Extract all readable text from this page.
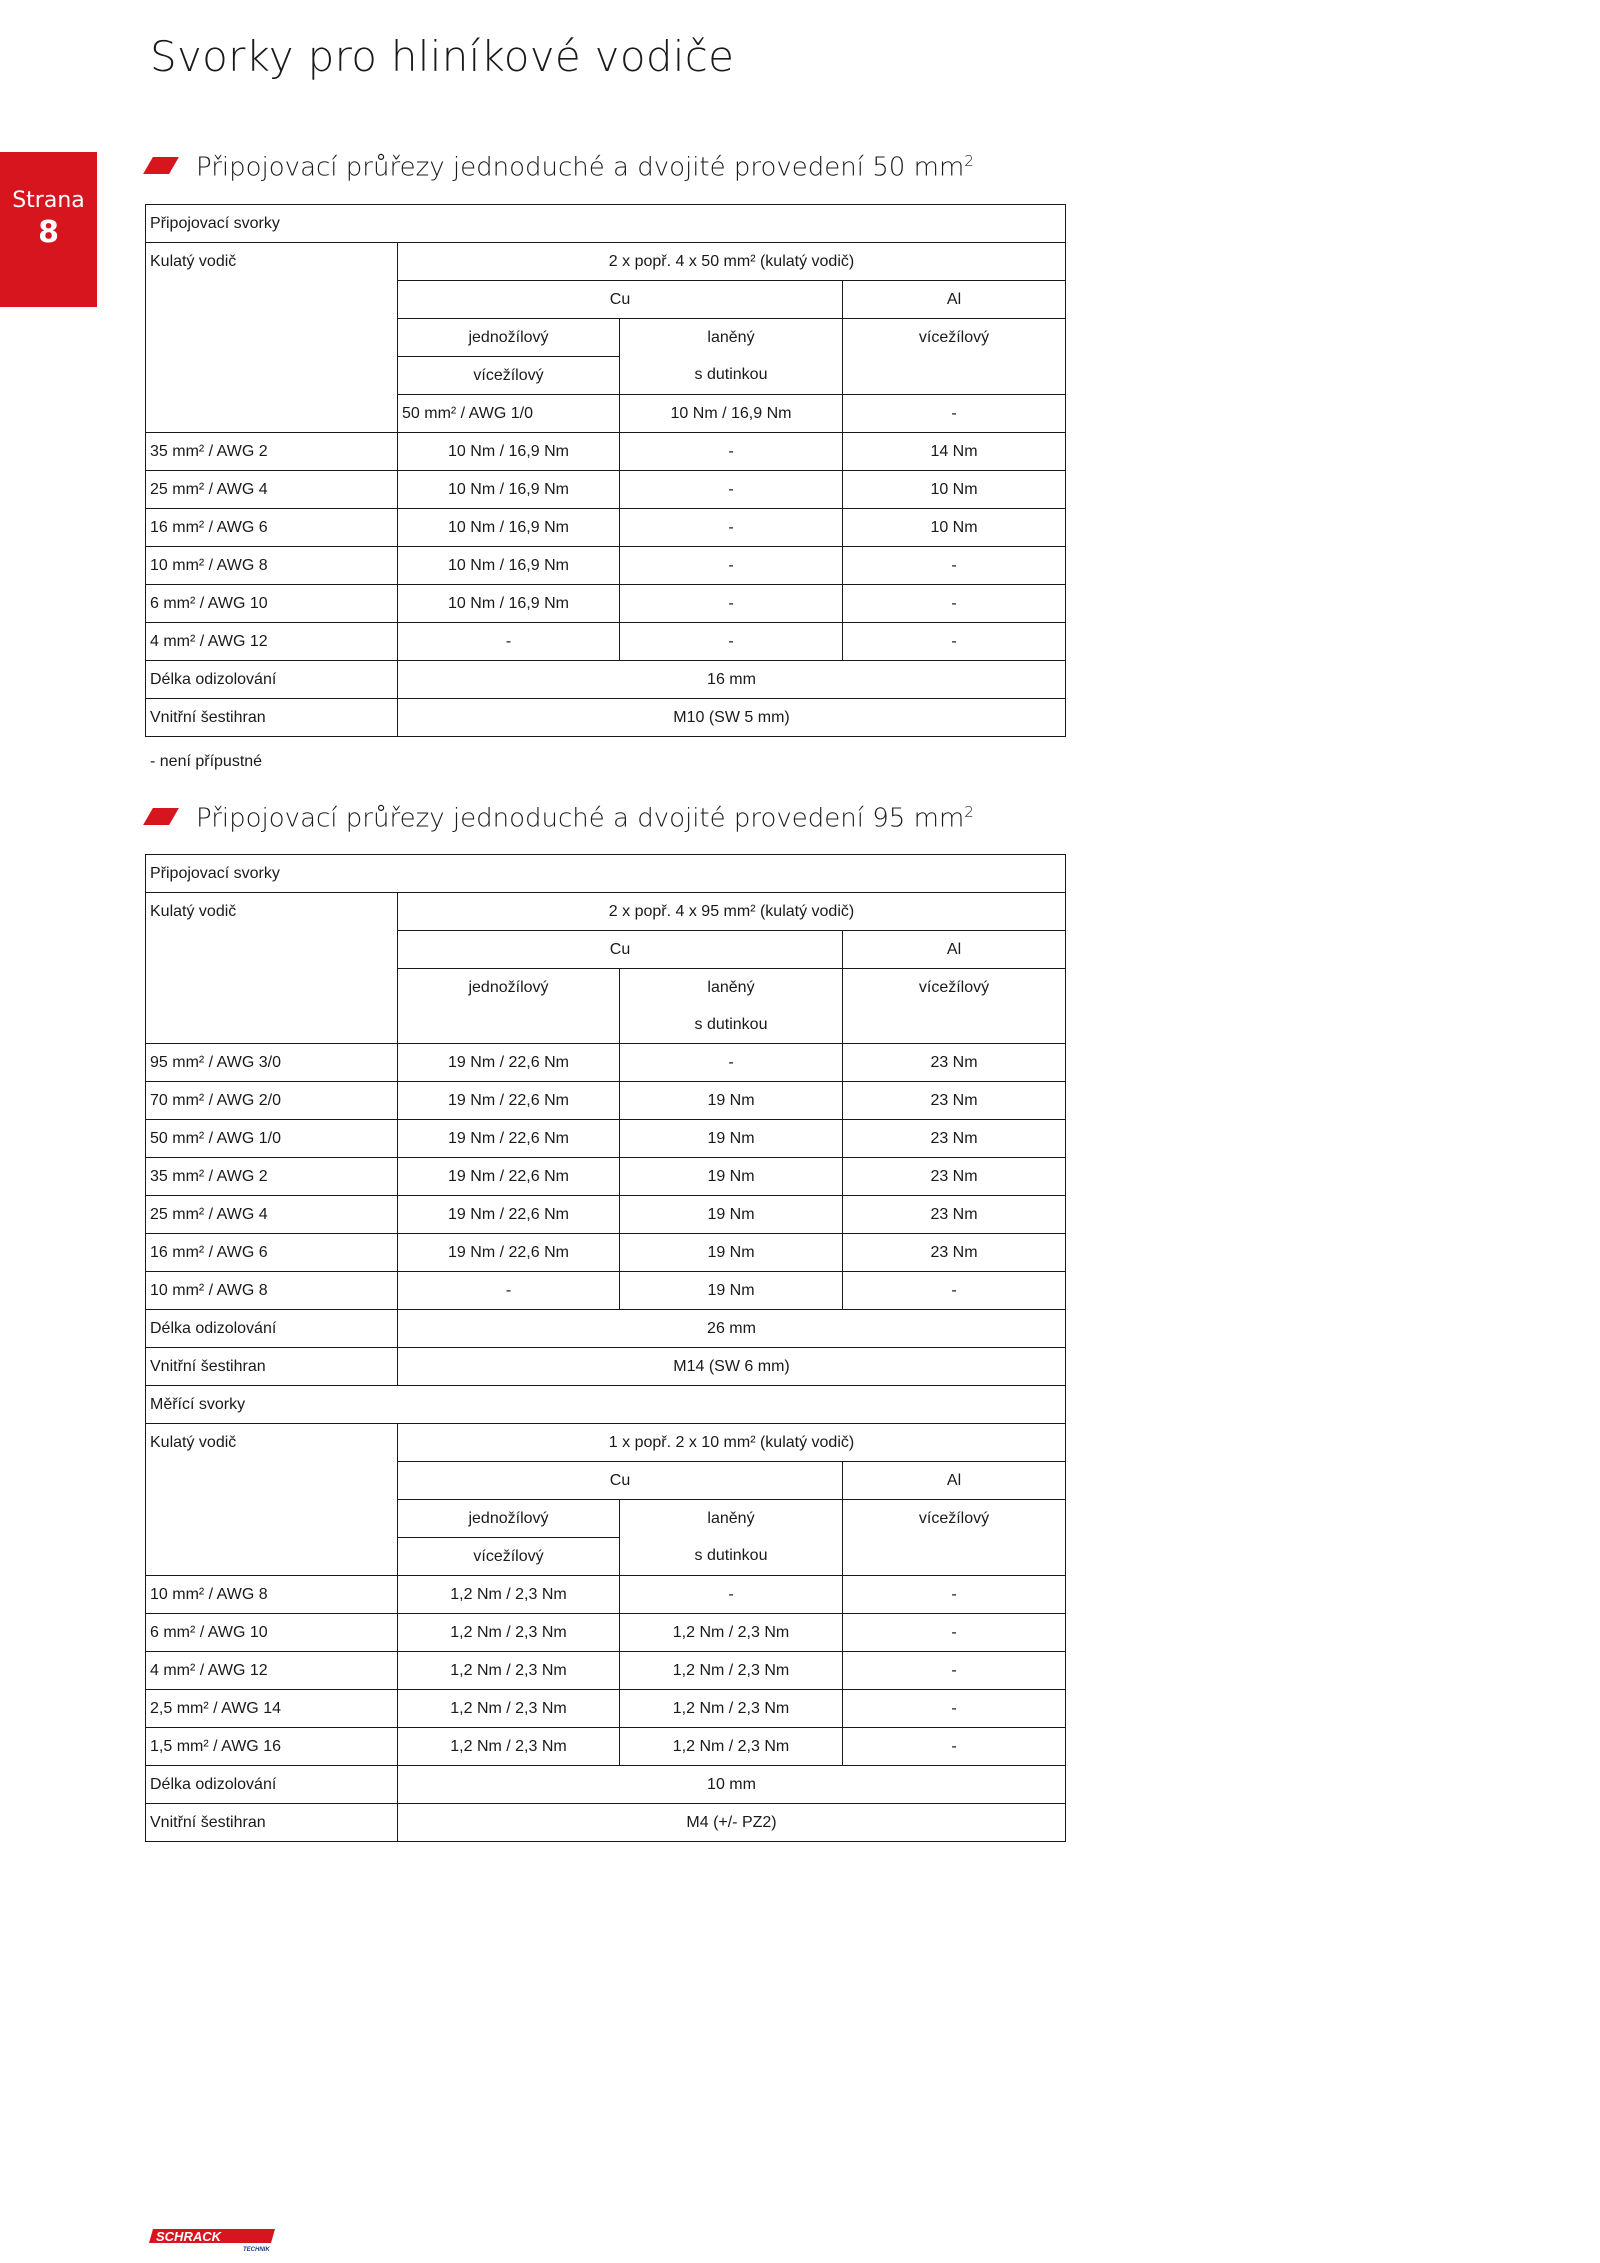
Svorky pro hliníkové vodiče
Strana
8
Připojovací průřezy jednoduché a dvojité provedení 50 $mm^2$
Připojovací svorky				
Kulatý vodič	2 x popř. 4 x 50 mm² (kulatý vodič)			
	Cu		Al	
	jednožílový	laněný	vícežílový	
	vícežílový	s dutinkou		
	50 mm² / AWG 1/0	10 Nm / 16,9 Nm	-	
35 mm² / AWG 2	10 Nm / 16,9 Nm	-	14 Nm	
25 mm² / AWG 4	10 Nm / 16,9 Nm	-	10 Nm	
16 mm² / AWG 6	10 Nm / 16,9 Nm	-	10 Nm	
10 mm² / AWG 8	10 Nm / 16,9 Nm	-	-	
6 mm² / AWG 10	10 Nm / 16,9 Nm	-	-	
4 mm² / AWG 12	-	-	-	
Délka odizolování	16 mm			
Vnitřní šestihran	M10 (SW 5 mm)			
- není přípustné
Připojovací průřezy jednoduché a dvojité provedení 95 $mm^2$
Připojovací svorky			
Kulatý vodič	2 x popř. 4 x 95 mm² (kulatý vodič)		
	Cu		Al
	jednožílový	laněný	vícežílový
		s dutinkou	
95 mm² / AWG 3/0	19 Nm / 22,6 Nm	-	23 Nm
70 mm² / AWG 2/0	19 Nm / 22,6 Nm	19 Nm	23 Nm
50 mm² / AWG 1/0	19 Nm / 22,6 Nm	19 Nm	23 Nm
35 mm² / AWG 2	19 Nm / 22,6 Nm	19 Nm	23 Nm
25 mm² / AWG 4	19 Nm / 22,6 Nm	19 Nm	23 Nm
16 mm² / AWG 6	19 Nm / 22,6 Nm	19 Nm	23 Nm
10 mm² / AWG 8	-	19 Nm	-
Délka odizolování	26 mm		
Vnitřní šestihran	M14 (SW 6 mm)		
Měřící svorky			
Kulatý vodič	1 x popř. 2 x 10 mm² (kulatý vodič)		
	Cu		Al
	jednožílový	laněný	vícežílový
	vícežílový	s dutinkou	
10 mm² / AWG 8	1,2 Nm / 2,3 Nm	-	-
6 mm² / AWG 10	1,2 Nm / 2,3 Nm	1,2 Nm / 2,3 Nm	-
4 mm² / AWG 12	1,2 Nm / 2,3 Nm	1,2 Nm / 2,3 Nm	-
2,5 mm² / AWG 14	1,2 Nm / 2,3 Nm	1,2 Nm / 2,3 Nm	-
1,5 mm² / AWG 16	1,2 Nm / 2,3 Nm	1,2 Nm / 2,3 Nm	-
Délka odizolování	10 mm		
Vnitřní šestihran	M4 (+/- PZ2)		
SCHRACK
TECHNIK
